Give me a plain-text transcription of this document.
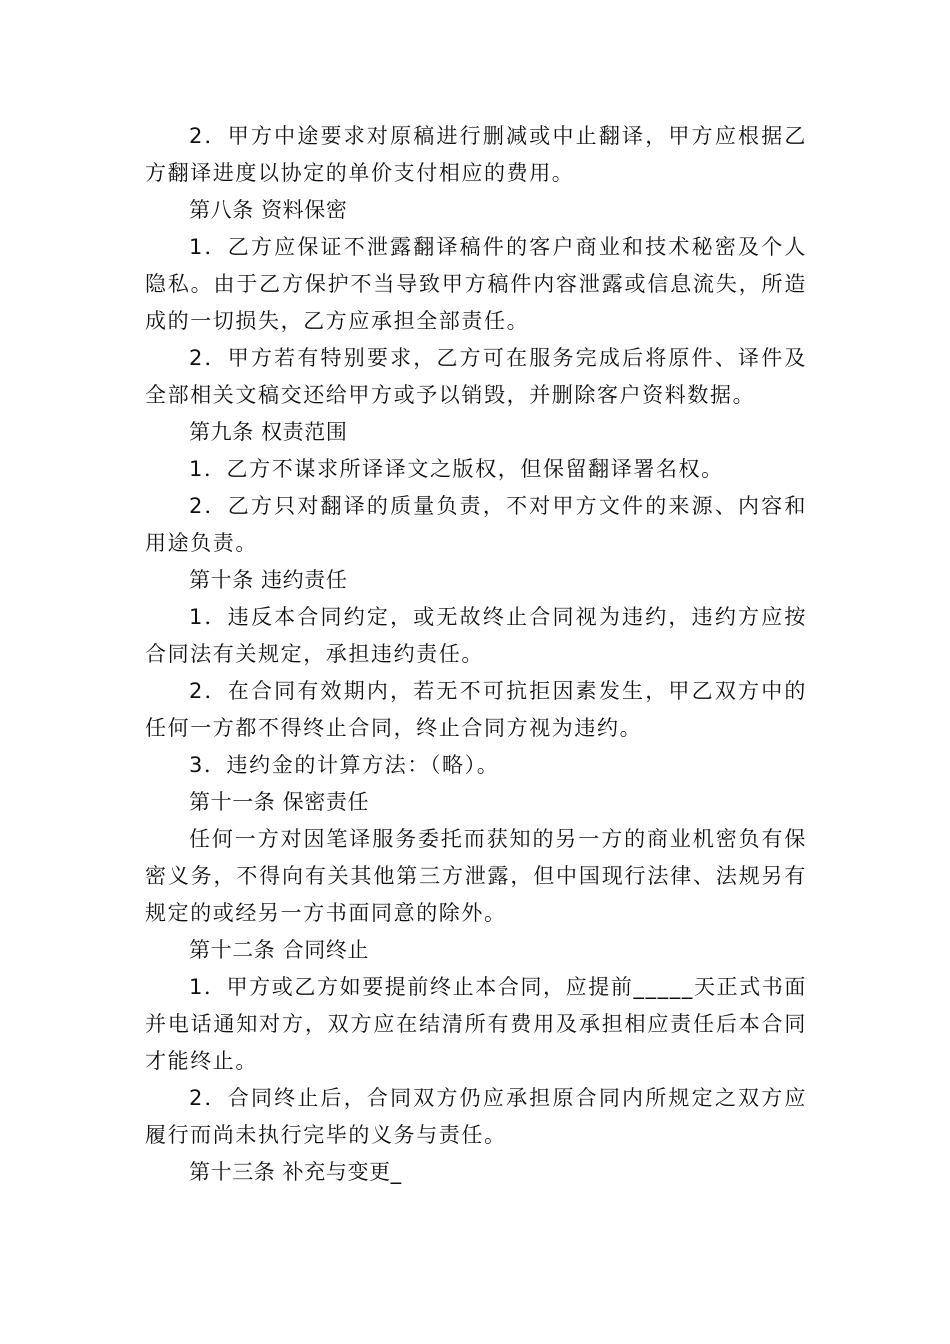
2．甲方中途要求对原稿进行删减或中止翻译，甲方应根据乙方翻译进度以协定的单价支付相应的费用。

第八条 资料保密

1．乙方应保证不泄露翻译稿件的客户商业和技术秘密及个人隐私。由于乙方保护不当导致甲方稿件内容泄露或信息流失，所造成的一切损失，乙方应承担全部责任。

2．甲方若有特别要求，乙方可在服务完成后将原件、译件及全部相关文稿交还给甲方或予以销毁，并删除客户资料数据。

第九条 权责范围

1．乙方不谋求所译译文之版权，但保留翻译署名权。

2．乙方只对翻译的质量负责，不对甲方文件的来源、内容和用途负责。

第十条 违约责任

1．违反本合同约定，或无故终止合同视为违约，违约方应按合同法有关规定，承担违约责任。

2．在合同有效期内，若无不可抗拒因素发生，甲乙双方中的任何一方都不得终止合同，终止合同方视为违约。

3．违约金的计算方法：（略）。

第十一条 保密责任

任何一方对因笔译服务委托而获知的另一方的商业机密负有保密义务，不得向有关其他第三方泄露，但中国现行法律、法规另有规定的或经另一方书面同意的除外。

第十二条 合同终止

1．甲方或乙方如要提前终止本合同，应提前_____天正式书面并电话通知对方，双方应在结清所有费用及承担相应责任后本合同才能终止。

2．合同终止后，合同双方仍应承担原合同内所规定之双方应履行而尚未执行完毕的义务与责任。

第十三条 补充与变更_
